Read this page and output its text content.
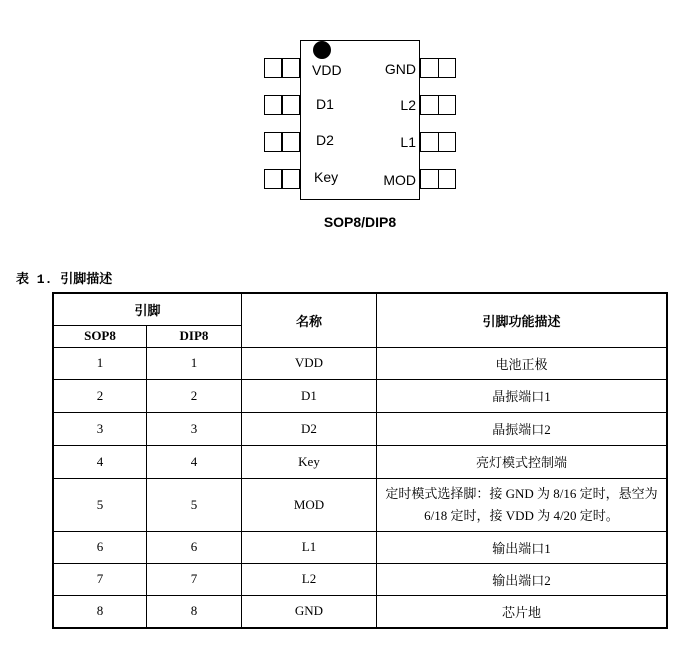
VDD
D1
D2
Key
GND
L2
L1
MOD
SOP8/DIP8
表 1. 引脚描述
引脚		名称	引脚功能描述
SOP8	DIP8		
1	1	VDD	电池正极
2	2	D1	晶振端口1
3	3	D2	晶振端口2
4	4	Key	亮灯模式控制端
5	5	MOD	定时模式选择脚：接 GND 为 8/16 定时，悬空为6/18 定时，接 VDD 为 4/20 定时。
6	6	L1	输出端口1
7	7	L2	输出端口2
8	8	GND	芯片地
